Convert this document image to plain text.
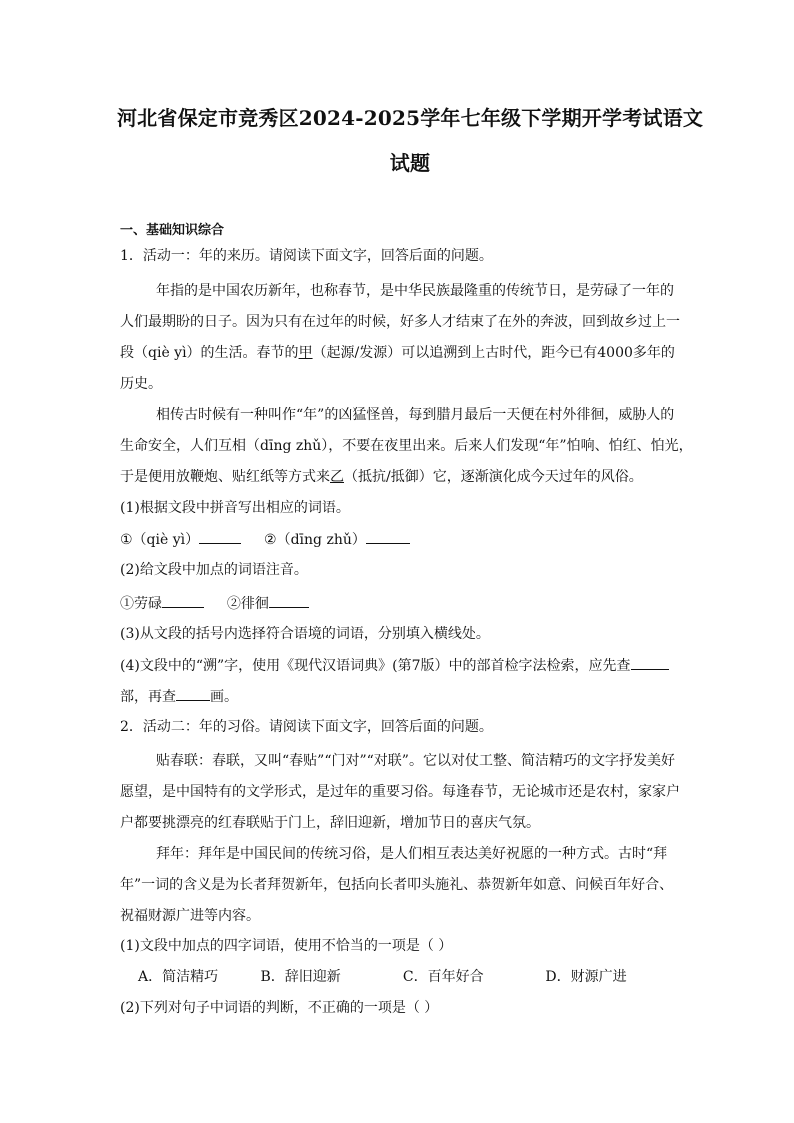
河北省保定市竞秀区2024-2025学年七年级下学期开学考试语文
试题
一、基础知识综合
1．活动一：年的来历。请阅读下面文字，回答后面的问题。
年指的是中国农历新年，也称春节，是中华民族最隆重的传统节日，是劳碌了一年的
人们最期盼的日子。因为只有在过年的时候，好多人才结束了在外的奔波，回到故乡过上一
段（qiè yì）的生活。春节的甲（起源/发源）可以追溯到上古时代，距今已有4000多年的
历史。
相传古时候有一种叫作“年”的凶猛怪兽，每到腊月最后一天便在村外徘徊，威胁人的
生命安全，人们互相（dīng zhǔ），不要在夜里出来。后来人们发现“年”怕响、怕红、怕光，
于是便用放鞭炮、贴红纸等方式来乙（抵抗/抵御）它，逐渐演化成今天过年的风俗。
(1)根据文段中拼音写出相应的词语。
①（qiè yì）	②（dīng zhǔ）
(2)给文段中加点的词语注音。
①劳碌	②徘徊
(3)从文段的括号内选择符合语境的词语，分别填入横线处。
(4)文段中的“溯”字，使用《现代汉语词典》(第7版）中的部首检字法检索，应先查
部，再查 画。
2．活动二：年的习俗。请阅读下面文字，回答后面的问题。
贴春联：春联，又叫“春贴”“门对”“对联”。它以对仗工整、简洁精巧的文字抒发美好
愿望，是中国特有的文学形式，是过年的重要习俗。每逢春节，无论城市还是农村，家家户
户都要挑漂亮的红春联贴于门上，辞旧迎新，增加节日的喜庆气氛。
拜年：拜年是中国民间的传统习俗，是人们相互表达美好祝愿的一种方式。古时“拜
年”一词的含义是为长者拜贺新年，包括向长者叩头施礼、恭贺新年如意、问候百年好合、
祝福财源广进等内容。
(1)文段中加点的四字词语，使用不恰当的一项是（ ）
A．简洁精巧	B．辞旧迎新	C．百年好合	D．财源广进
(2)下列对句子中词语的判断，不正确的一项是（ ）
